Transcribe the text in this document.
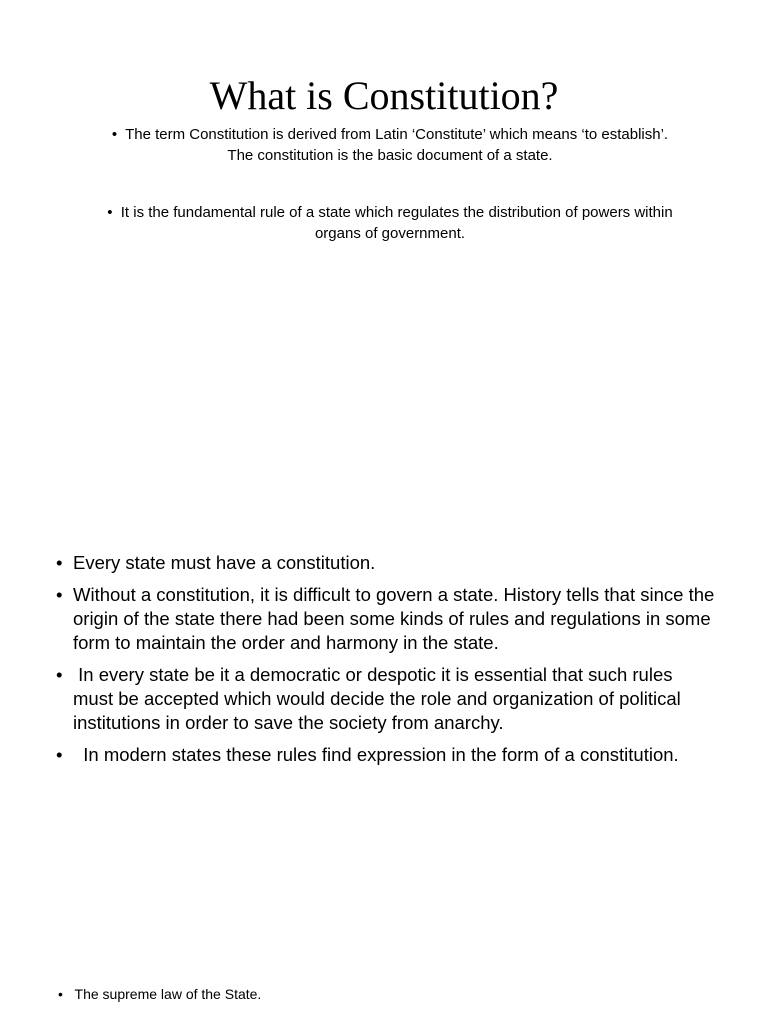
What is Constitution?
• The term Constitution is derived from Latin ‘Constitute’ which means ‘to establish’. The constitution is the basic document of a state.
• It is the fundamental rule of a state which regulates the distribution of powers within organs of government.
• Every state must have a constitution.
• Without a constitution, it is difficult to govern a state. History tells that since the origin of the state there had been some kinds of rules and regulations in some form to maintain the order and harmony in the state.
• In every state be it a democratic or despotic it is essential that such rules must be accepted which would decide the role and organization of political institutions in order to save the society from anarchy.
• In modern states these rules find expression in the form of a constitution.
• The supreme law of the State.
